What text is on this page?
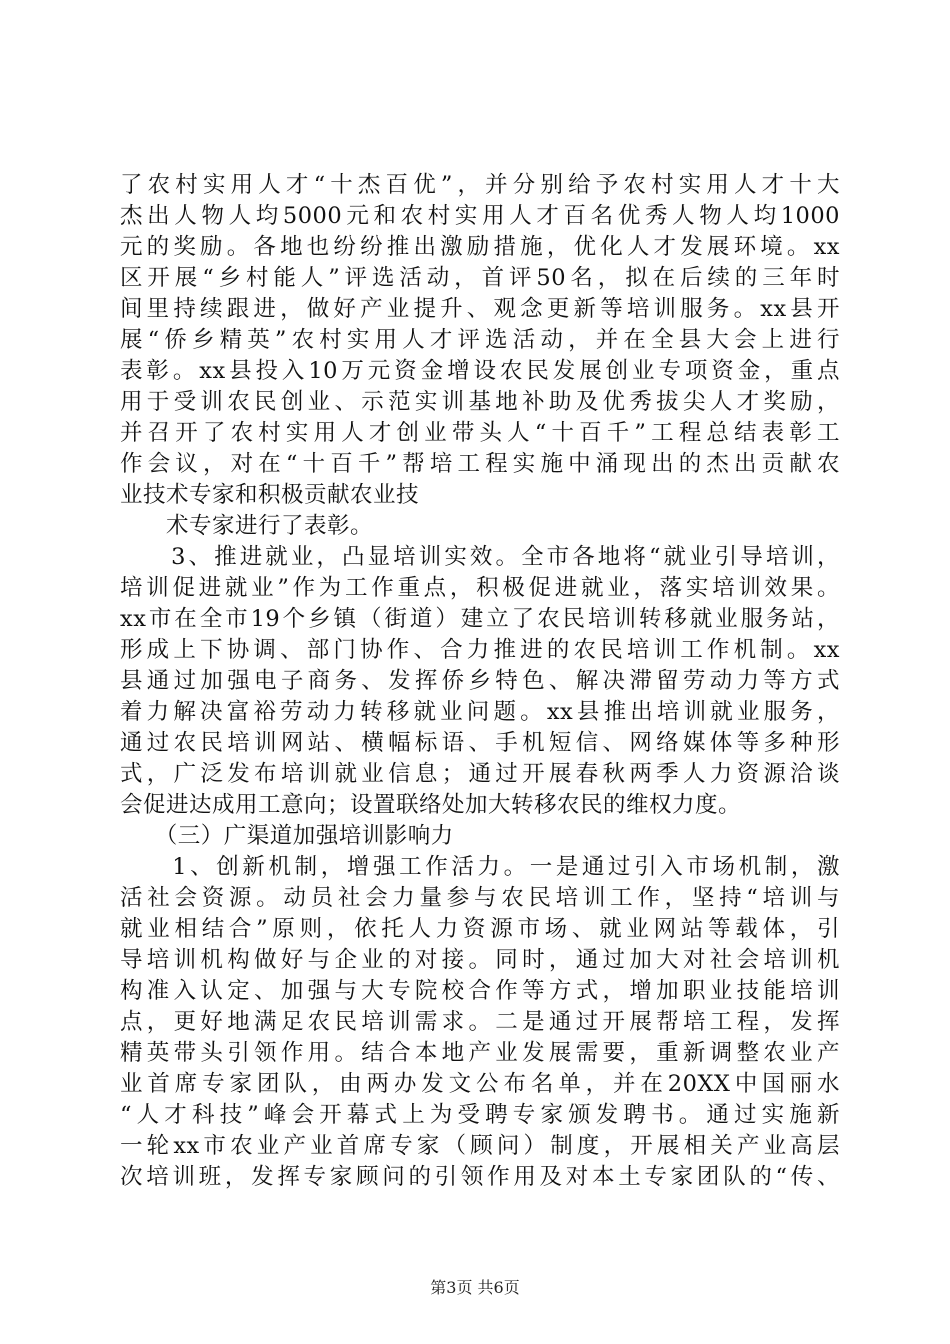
了农村实用人才“十杰百优”，并分别给予农村实用人才十大
杰出人物人均5000元和农村实用人才百名优秀人物人均1000
元的奖励。各地也纷纷推出激励措施，优化人才发展环境。xx
区开展“乡村能人”评选活动，首评50名，拟在后续的三年时
间里持续跟进，做好产业提升、观念更新等培训服务。xx县开
展“侨乡精英”农村实用人才评选活动，并在全县大会上进行
表彰。xx县投入10万元资金增设农民发展创业专项资金，重点
用于受训农民创业、示范实训基地补助及优秀拔尖人才奖励，
并召开了农村实用人才创业带头人“十百千”工程总结表彰工
作会议，对在“十百千”帮培工程实施中涌现出的杰出贡献农
业技术专家和积极贡献农业技
　　术专家进行了表彰。
　　3、推进就业，凸显培训实效。全市各地将“就业引导培训，
培训促进就业”作为工作重点，积极促进就业，落实培训效果。
xx市在全市19个乡镇（街道）建立了农民培训转移就业服务站，
形成上下协调、部门协作、合力推进的农民培训工作机制。xx
县通过加强电子商务、发挥侨乡特色、解决滞留劳动力等方式
着力解决富裕劳动力转移就业问题。xx县推出培训就业服务，
通过农民培训网站、横幅标语、手机短信、网络媒体等多种形
式，广泛发布培训就业信息；通过开展春秋两季人力资源洽谈
会促进达成用工意向；设置联络处加大转移农民的维权力度。
　　（三）广渠道加强培训影响力
　　1、创新机制，增强工作活力。一是通过引入市场机制，激
活社会资源。动员社会力量参与农民培训工作，坚持“培训与
就业相结合”原则，依托人力资源市场、就业网站等载体，引
导培训机构做好与企业的对接。同时，通过加大对社会培训机
构准入认定、加强与大专院校合作等方式，增加职业技能培训
点，更好地满足农民培训需求。二是通过开展帮培工程，发挥
精英带头引领作用。结合本地产业发展需要，重新调整农业产
业首席专家团队，由两办发文公布名单，并在20XX中国丽水
“人才科技”峰会开幕式上为受聘专家颁发聘书。通过实施新
一轮xx市农业产业首席专家（顾问）制度，开展相关产业高层
次培训班，发挥专家顾问的引领作用及对本土专家团队的“传、
第3页 共6页
